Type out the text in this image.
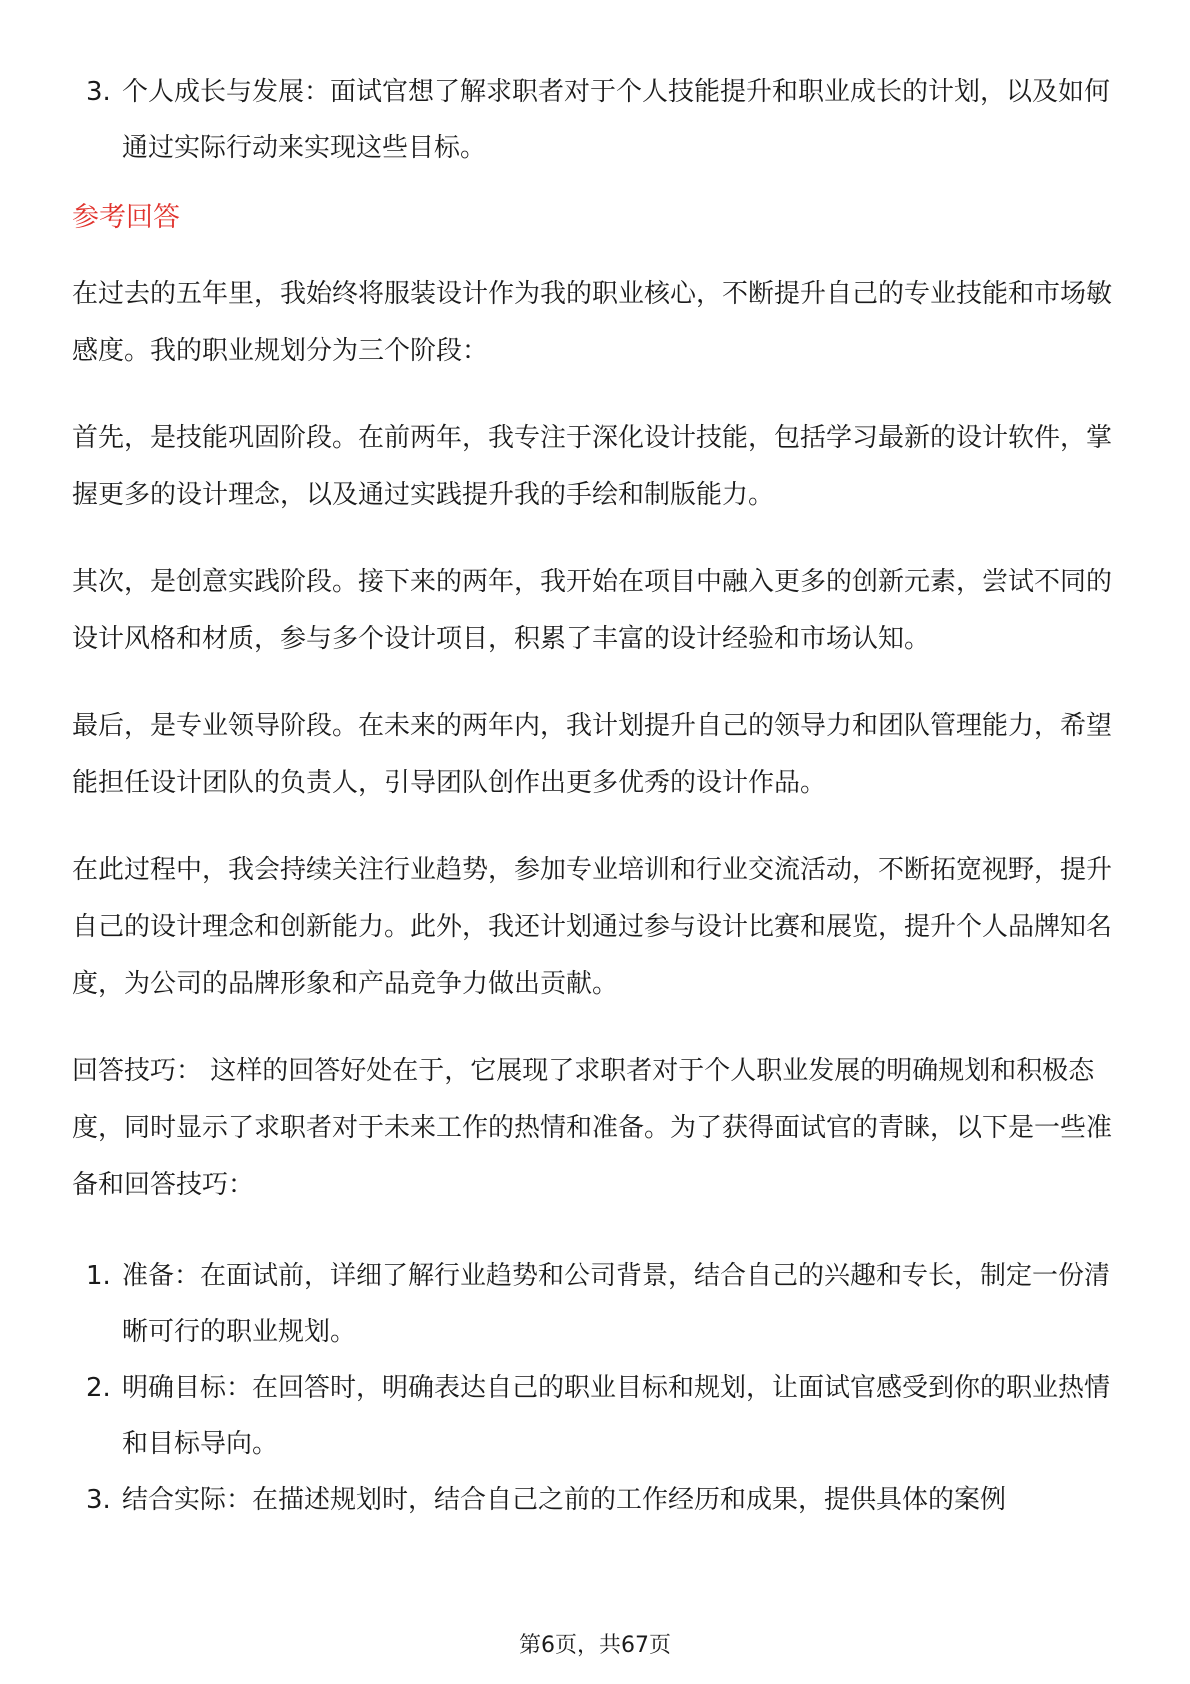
3. 个人成长与发展：面试官想了解求职者对于个人技能提升和职业成长的计划，以及如何通过实际行动来实现这些目标。
参考回答

在过去的五年里，我始终将服装设计作为我的职业核心，不断提升自己的专业技能和市场敏感度。我的职业规划分为三个阶段：

首先，是技能巩固阶段。在前两年，我专注于深化设计技能，包括学习最新的设计软件，掌握更多的设计理念，以及通过实践提升我的手绘和制版能力。

其次，是创意实践阶段。接下来的两年，我开始在项目中融入更多的创新元素，尝试不同的设计风格和材质，参与多个设计项目，积累了丰富的设计经验和市场认知。

最后，是专业领导阶段。在未来的两年内，我计划提升自己的领导力和团队管理能力，希望能担任设计团队的负责人，引导团队创作出更多优秀的设计作品。

在此过程中，我会持续关注行业趋势，参加专业培训和行业交流活动，不断拓宽视野，提升自己的设计理念和创新能力。此外，我还计划通过参与设计比赛和展览，提升个人品牌知名度，为公司的品牌形象和产品竞争力做出贡献。

回答技巧： 这样的回答好处在于，它展现了求职者对于个人职业发展的明确规划和积极态度，同时显示了求职者对于未来工作的热情和准备。为了获得面试官的青睐，以下是一些准备和回答技巧：

1. 准备：在面试前，详细了解行业趋势和公司背景，结合自己的兴趣和专长，制定一份清晰可行的职业规划。
2. 明确目标：在回答时，明确表达自己的职业目标和规划，让面试官感受到你的职业热情和目标导向。
3. 结合实际：在描述规划时，结合自己之前的工作经历和成果，提供具体的案例
第6页，共67页
